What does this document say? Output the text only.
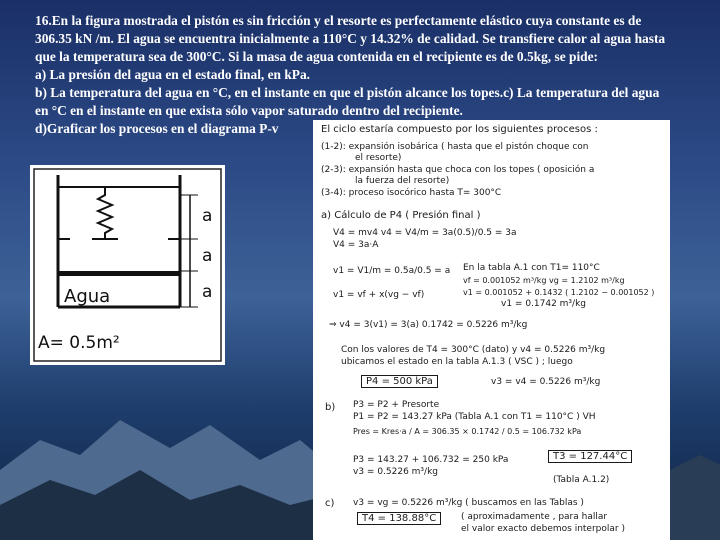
16.En la figura mostrada el pistón es sin fricción y el resorte es perfectamente elástico cuya constante es de

306.35 kN /m. El agua se encuentra inicialmente a 110°C y 14.32% de calidad. Se transfiere calor al agua hasta

que la temperatura sea de 300°C. Si la masa de agua contenida en el recipiente es de 0.5kg, se pide:

a) La presión del agua en el estado final, en kPa.

b) La temperatura del agua en °C, en el instante en que el pistón alcance los topes.c) La temperatura del agua

en °C en el instante en que exista sólo vapor saturado dentro del recipiente.

d)Graficar los procesos en el diagrama P-v

a
a
a
Agua
A= 0.5m²
El ciclo estaría compuesto por los siguientes procesos :
(1-2): expansión isobárica ( hasta que el pistón choque con
el resorte)
(2-3): expansión hasta que choca con los topes ( oposición a
la fuerza del resorte)
(3-4): proceso isocórico hasta T= 300°C
a) Cálculo de P4 ( Presión final )
V4 = mv4 v4 = V4/m = 3a(0.5)/0.5 = 3a
V4 = 3a·A
v1 = V1/m = 0.5a/0.5 = a
v1 = vf + x(vg − vf)
En la tabla A.1 con T1= 110°C
vf = 0.001052 m³/kg vg = 1.2102 m³/kg
v1 = 0.001052 + 0.1432 ( 1.2102 − 0.001052 )
v1 = 0.1742 m³/kg
⇒ v4 = 3(v1) = 3(a) 0.1742 = 0.5226 m³/kg
Con los valores de T4 = 300°C (dato) y v4 = 0.5226 m³/kg
ubicamos el estado en la tabla A.1.3 ( VSC ) ; luego
P4 = 500 kPa	v3 = v4 = 0.5226 m³/kg
b) P3 = P2 + Presorte
P1 = P2 = 143.27 kPa (Tabla A.1 con T1 = 110°C ) VH
Pres = Kres·a / A = 306.35 × 0.1742 / 0.5 = 106.732 kPa
P3 = 143.27 + 106.732 = 250 kPa
v3 = 0.5226 m³/kg
T3 = 127.44°C
(Tabla A.1.2)
c) v3 = vg = 0.5226 m³/kg ( buscamos en las Tablas )
T4 = 138.88°C	( aproximadamente , para hallar
el valor exacto debemos interpolar )
